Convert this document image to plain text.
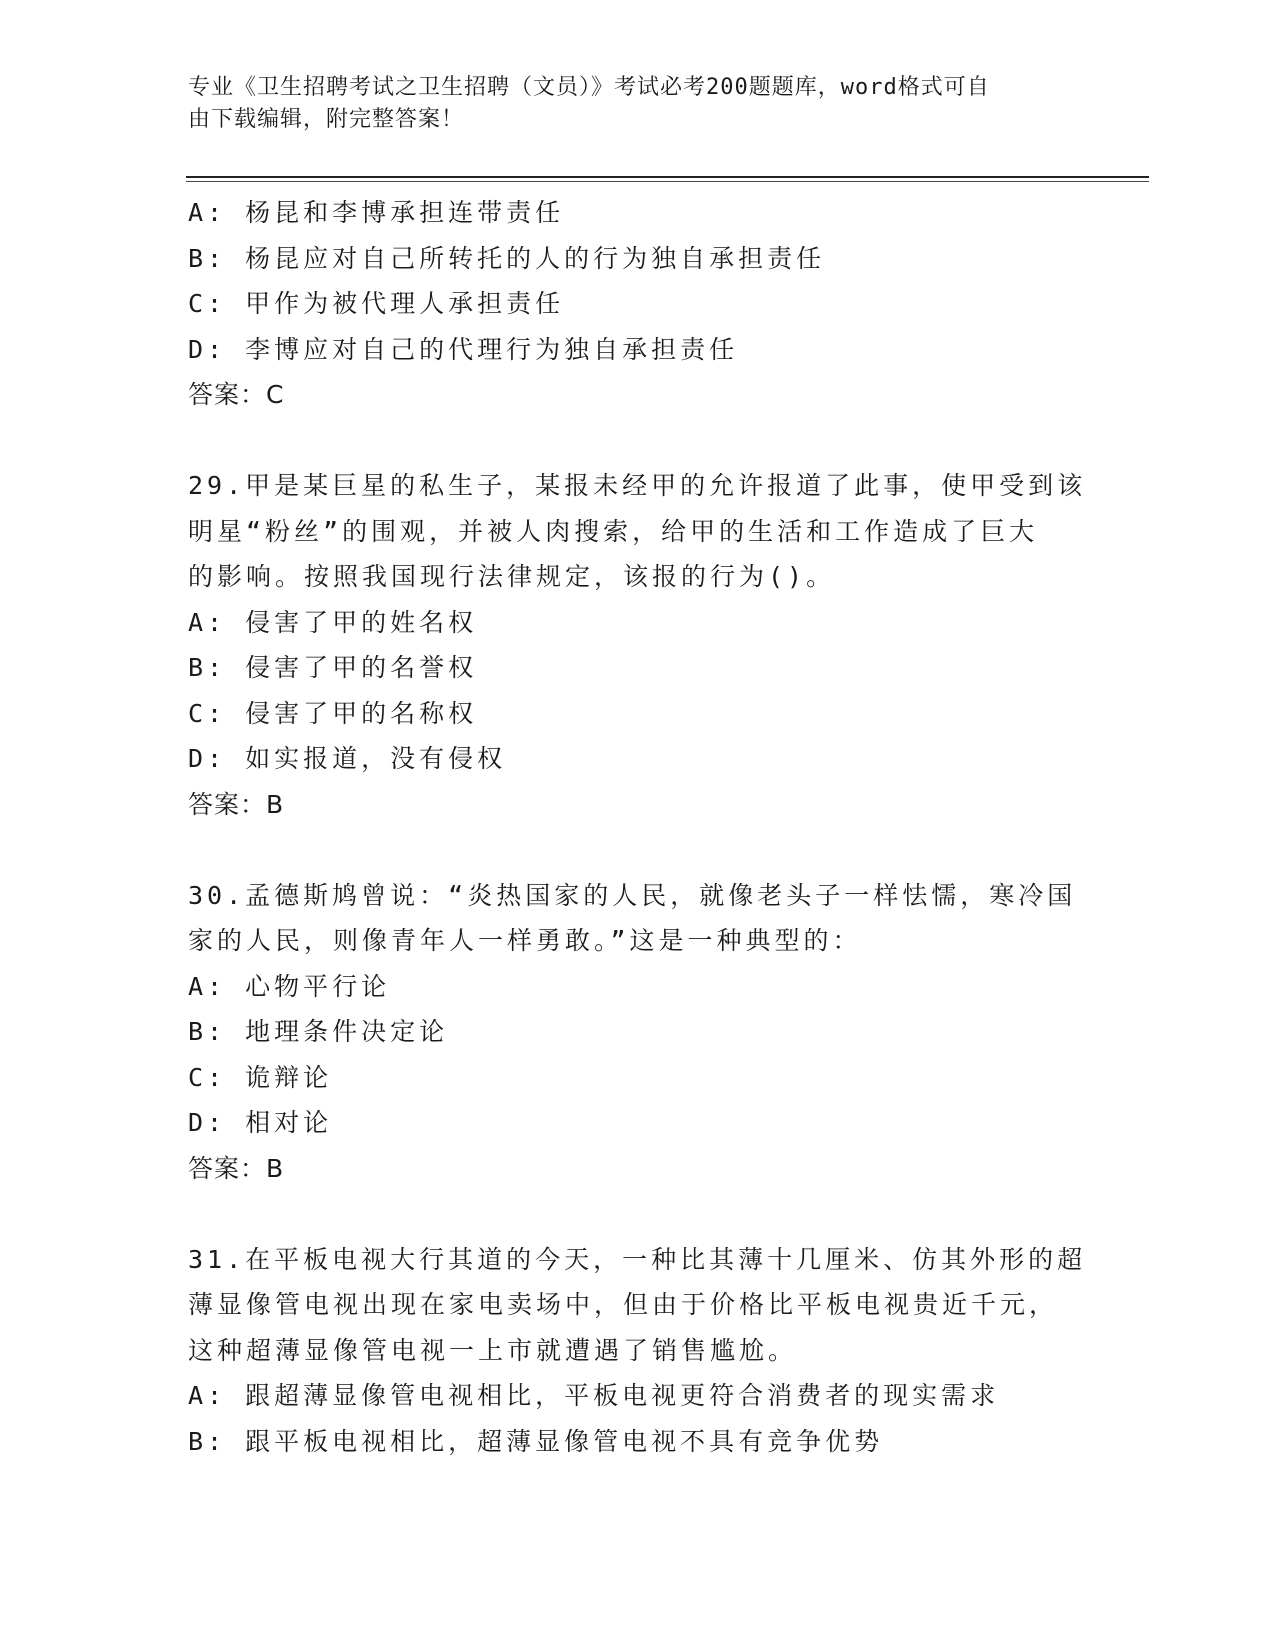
专业《卫生招聘考试之卫生招聘（文员）》考试必考200题题库，word格式可自
由下载编辑，附完整答案！
A: 杨昆和李博承担连带责任
B: 杨昆应对自己所转托的人的行为独自承担责任
C: 甲作为被代理人承担责任
D: 李博应对自己的代理行为独自承担责任
答案：C
29.甲是某巨星的私生子，某报未经甲的允许报道了此事，使甲受到该
明星“粉丝”的围观，并被人肉搜索，给甲的生活和工作造成了巨大
的影响。按照我国现行法律规定，该报的行为()。
A: 侵害了甲的姓名权
B: 侵害了甲的名誉权
C: 侵害了甲的名称权
D: 如实报道，没有侵权
答案：B
30.孟德斯鸠曾说：“炎热国家的人民，就像老头子一样怯懦，寒冷国
家的人民，则像青年人一样勇敢。”这是一种典型的：
A: 心物平行论
B: 地理条件决定论
C: 诡辩论
D: 相对论
答案：B
31.在平板电视大行其道的今天，一种比其薄十几厘米、仿其外形的超
薄显像管电视出现在家电卖场中，但由于价格比平板电视贵近千元，
这种超薄显像管电视一上市就遭遇了销售尴尬。
A: 跟超薄显像管电视相比，平板电视更符合消费者的现实需求
B: 跟平板电视相比，超薄显像管电视不具有竞争优势
